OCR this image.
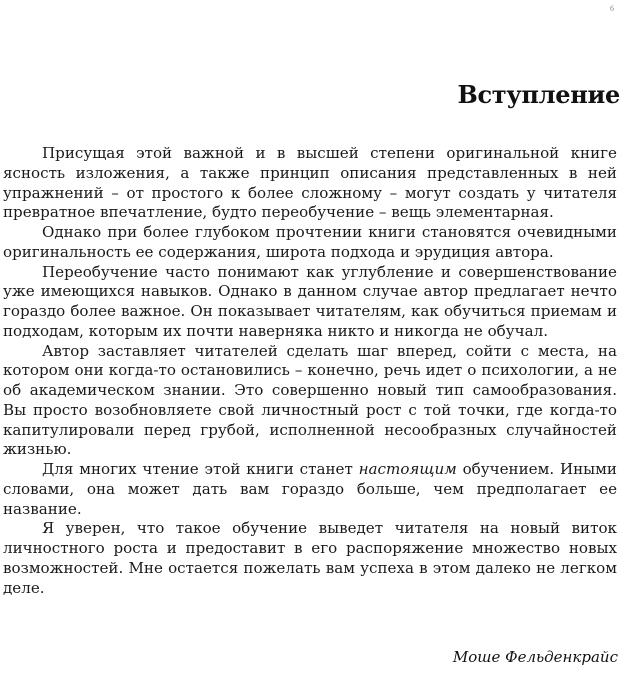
6
Вступление

Присущая этой важной и в высшей степени оригинальной книге ясность изложения, а также принцип описания представленных в ней упражнений – от простого к более сложному – могут создать у читателя превратное впечатление, будто переобучение – вещь элементарная.

Однако при более глубоком прочтении книги становятся очевидными оригинальность ее содержания, широта подхода и эрудиция автора.

Переобучение часто понимают как углубление и совершенствование уже имеющихся навыков. Однако в данном случае автор предлагает нечто гораздо более важное. Он показывает читателям, как обучиться приемам и подходам, которым их почти наверняка никто и никогда не обучал.

Автор заставляет читателей сделать шаг вперед, сойти с места, на котором они когда-то остановились – конечно, речь идет о психологии, а не об академическом знании. Это совершенно новый тип самообразования. Вы просто возобновляете свой личностный рост с той точки, где когда-то капитулировали перед грубой, исполненной несообразных случайностей жизнью.

Для многих чтение этой книги станет настоящим обучением. Иными словами, она может дать вам гораздо больше, чем предполагает ее название.

Я уверен, что такое обучение выведет читателя на новый виток личностного роста и предоставит в его распоряжение множество новых возможностей. Мне остается пожелать вам успеха в этом далеко не легком деле.

Моше Фельденкрайс
